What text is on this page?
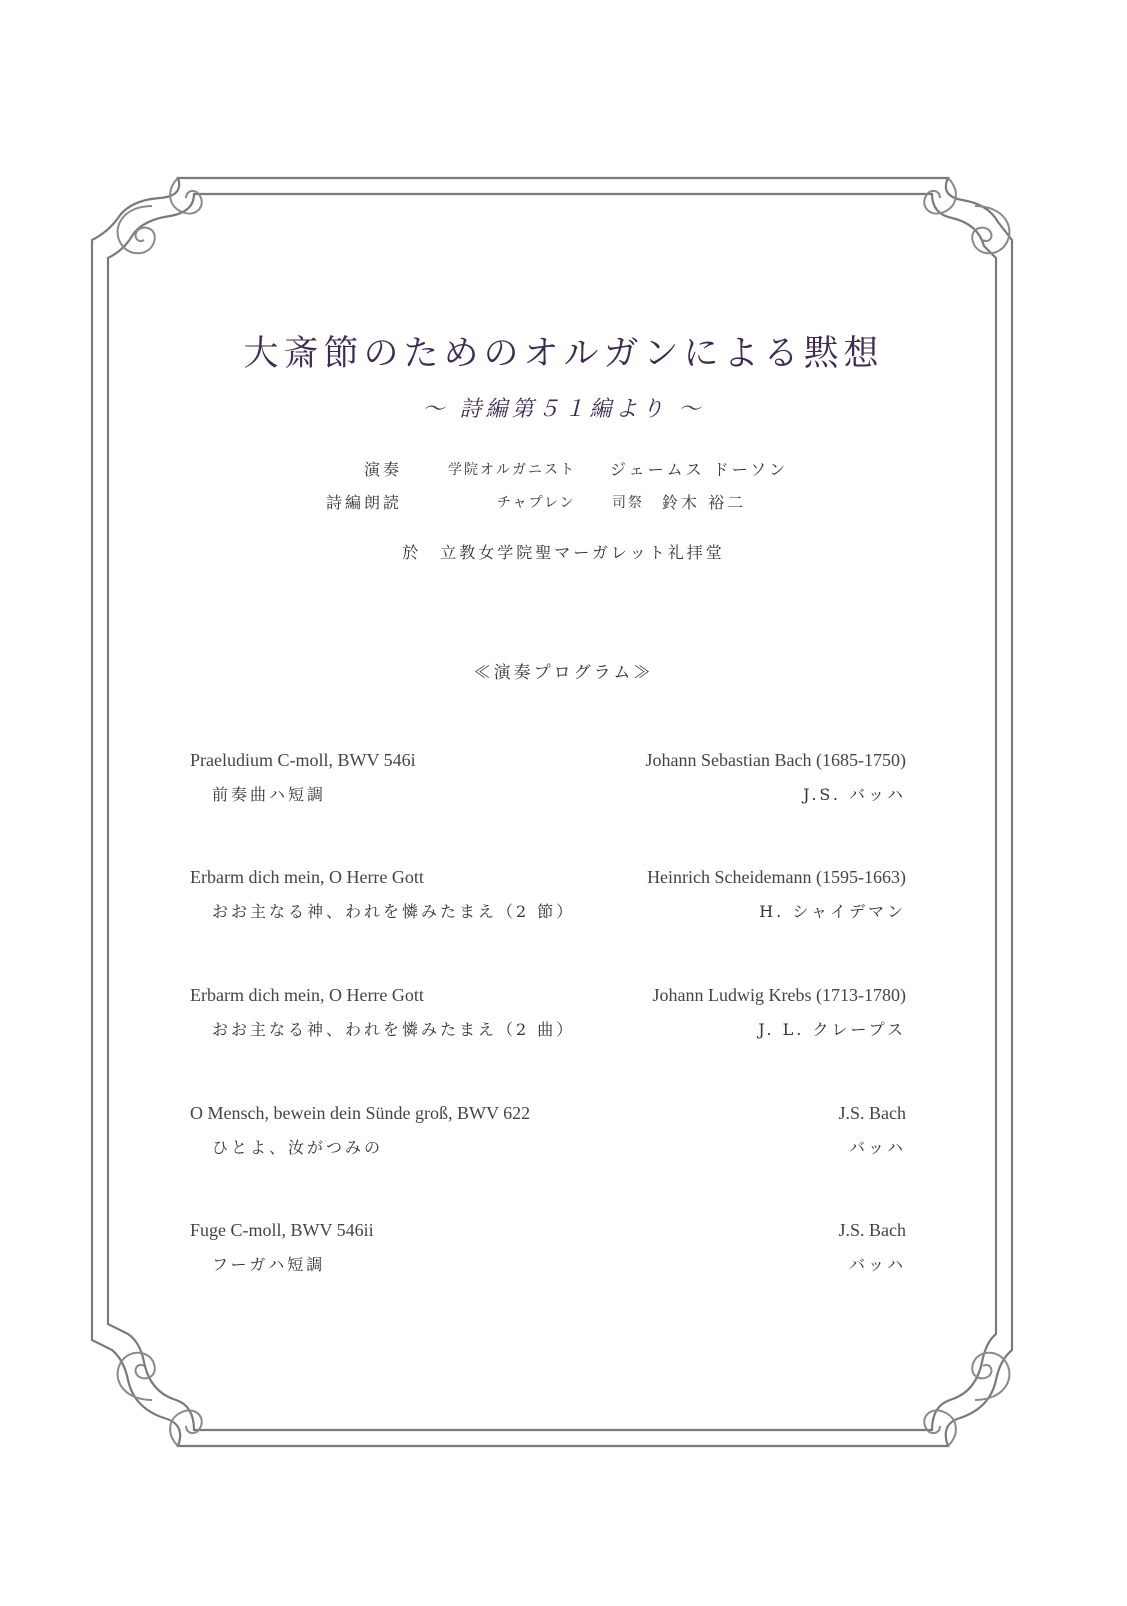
大斎節のためのオルガンによる黙想
～ 詩編第５１編より ～
演奏	学院オルガニスト ジェームス ドーソン
詩編朗読	チャプレン	司祭 鈴木 裕二
於　立教女学院聖マーガレット礼拝堂
≪演奏プログラム≫
Praeludium C-moll, BWV 546i	Johann Sebastian Bach (1685-1750)
前奏曲ハ短調	J.S. バッハ
Erbarm dich mein, O Herre Gott	Heinrich Scheidemann (1595-1663)
おお主なる神、われを憐みたまえ（2 節）	H. シャイデマン
Erbarm dich mein, O Herre Gott	Johann Ludwig Krebs (1713-1780)
おお主なる神、われを憐みたまえ（2 曲）	J. L. クレープス
O Mensch, bewein dein Sünde groß, BWV 622	J.S. Bach
ひとよ、汝がつみの	バッハ
Fuge C-moll, BWV 546ii	J.S. Bach
フーガハ短調	バッハ
